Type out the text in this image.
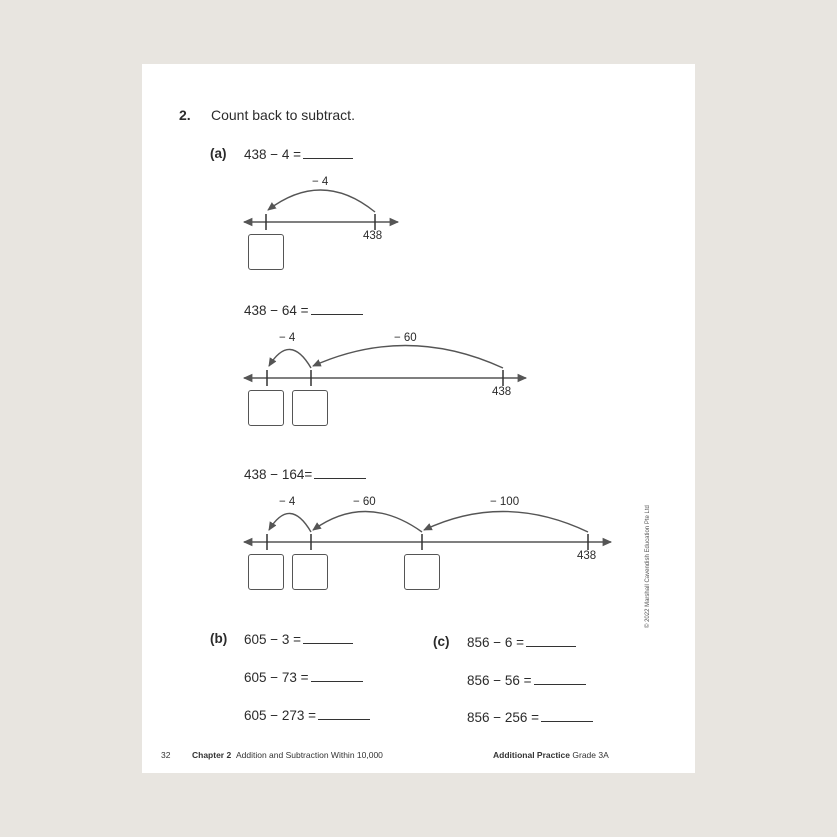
2. Count back to subtract.
(a) 438 − 4 =
− 4
438
438 − 64 =
− 4	− 60
438
438 − 164=
− 4	− 60	− 100
438
(b) 605 − 3 =
605 − 73 =
605 − 273 =
(c) 856 − 6 =
856 − 56 =
856 − 256 =
© 2022 Marshall Cavendish Education Pte Ltd
32	Chapter 2 Addition and Subtraction Within 10,000	Additional Practice Grade 3A
